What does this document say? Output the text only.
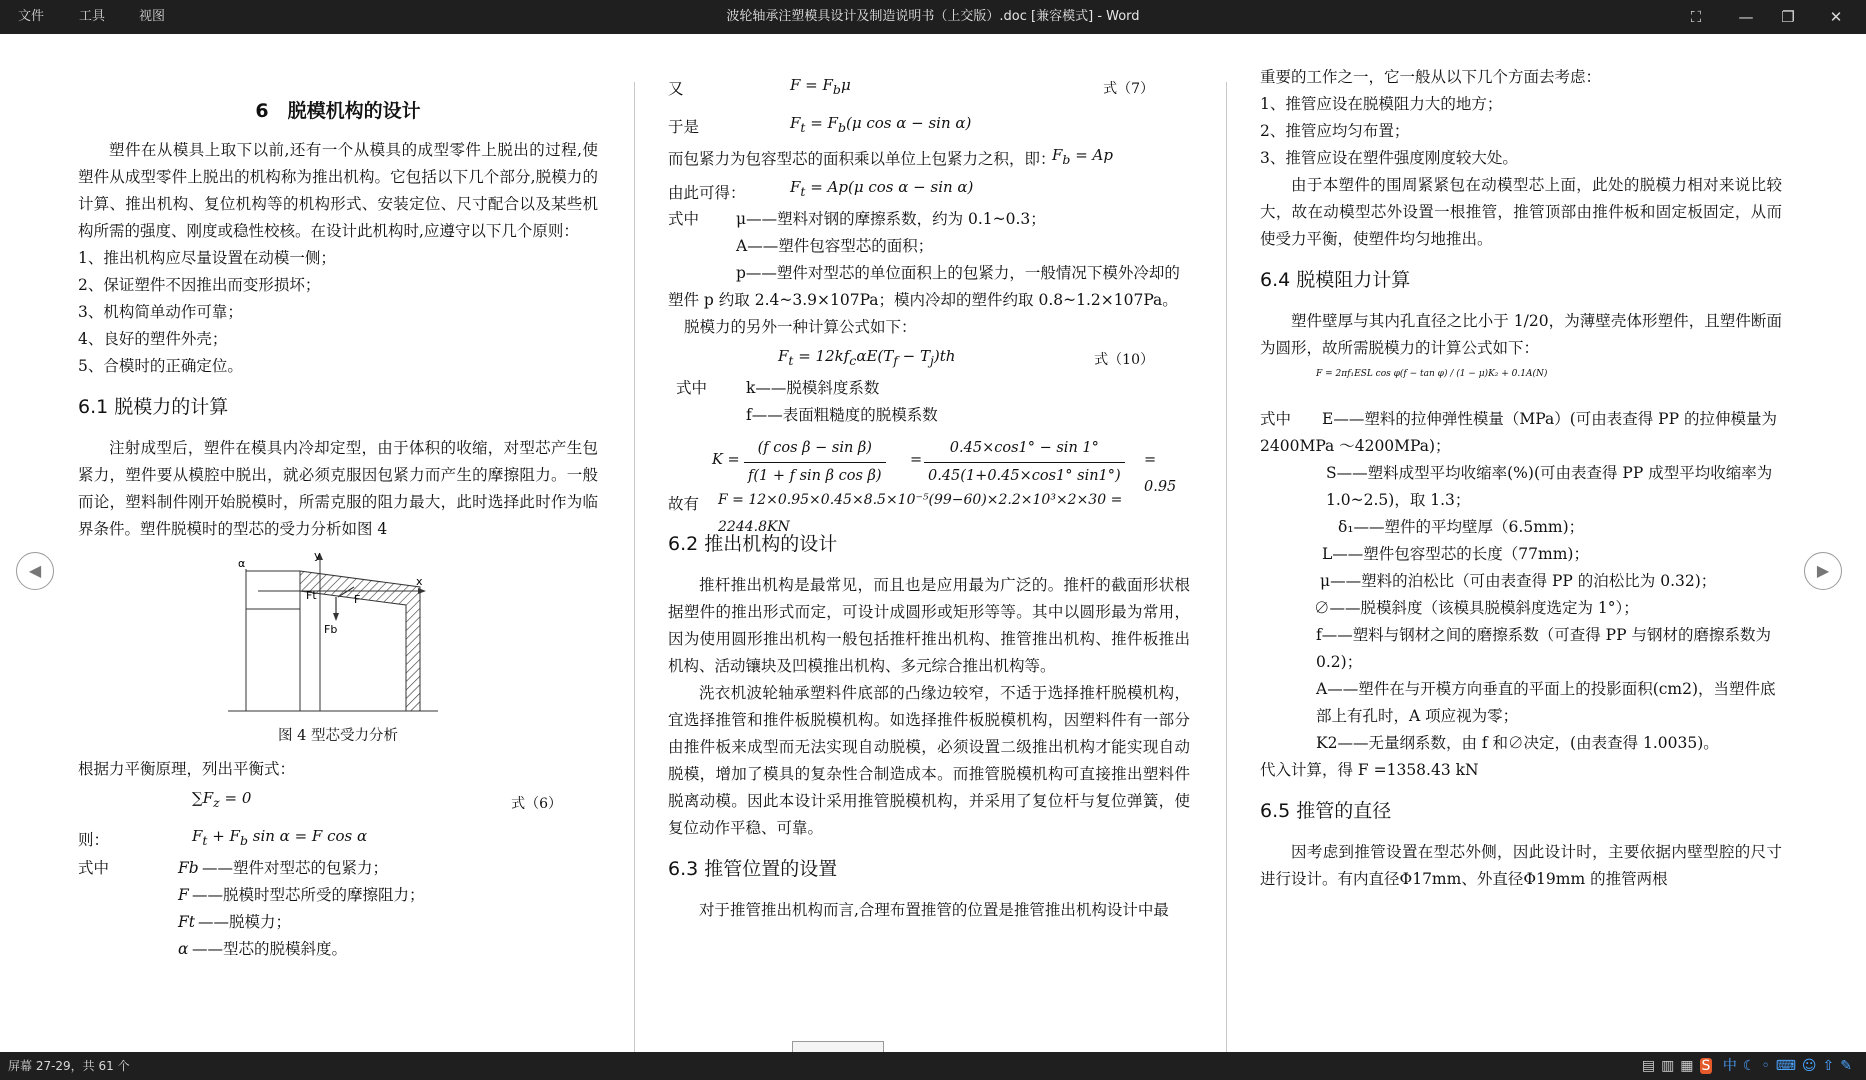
文件	工具	视图	波轮轴承注塑模具设计及制造说明书（上交版）.doc [兼容模式] - Word	⛶	—	❐	✕
6　脱模机构的设计

塑件在从模具上取下以前,还有一个从模具的成型零件上脱出的过程,使塑件从成型零件上脱出的机构称为推出机构。它包括以下几个部分,脱模力的计算、推出机构、复位机构等的机构形式、安装定位、尺寸配合以及某些机构所需的强度、刚度或稳性校核。在设计此机构时,应遵守以下几个原则：

1、推出机构应尽量设置在动模一侧；

2、保证塑件不因推出而变形损坏；

3、机构简单动作可靠；

4、良好的塑件外壳；

5、合模时的正确定位。

6.1 脱模力的计算

注射成型后，塑件在模具内冷却定型，由于体积的收缩，对型芯产生包紧力，塑件要从模腔中脱出，就必须克服因包紧力而产生的摩擦阻力。一般而论，塑料制件刚开始脱模时，所需克服的阻力最大，此时选择此时作为临界条件。塑件脱模时的型芯的受力分析如图 4

y
x
Ft	F
Fb
α
图 4 型芯受力分析

根据力平衡原理，列出平衡式：

$\sum F_z = 0$	式（6）
则：	$F_t + F_b$ sin α = F cos α
式中	Fb ——塑件对型芯的包紧力；
F ——脱模时型芯所受的摩擦阻力；
Ft ——脱模力；
α ——型芯的脱模斜度。
又	$F = F_b\mu$	式（7）
于是	$F_t = F_b(\mu$ cos α − sin α)
而包紧力为包容型芯的面积乘以单位上包紧力之积，即：
$F_b = Ap$
由此可得：	$F_t = Ap(\mu$ cos α − sin α)
式中 μ——塑料对钢的摩擦系数，约为 0.1~0.3；
A——塑件包容型芯的面积；
p——塑件对型芯的单位面积上的包紧力，一般情况下模外冷却的

塑件 p 约取 2.4~3.9×107Pa；模内冷却的塑件约取 0.8~1.2×107Pa。

脱模力的另外一种计算公式如下：

$F_t = 12kf_c\alpha E(T_f - T_j)th$	式（10）
式中	k——脱模斜度系数
f——表面粗糙度的脱模系数
$K = \frac{\text{(f cos β − sin β)}}{\text{f(1 + f sin β cos β)}} = \frac{0.45\times\cos 1^\circ - \sin 1^\circ}{0.45(1+0.45\times\cos 1^\circ \sin 1^\circ)} = 0.95$
故有 F = 12×0.95×0.45×8.5×10⁻⁵(99−60)×2.2×10³×2×30 = 2244.8KN
6.2 推出机构的设计

推杆推出机构是最常见，而且也是应用最为广泛的。推杆的截面形状根据塑件的推出形式而定，可设计成圆形或矩形等等。其中以圆形最为常用，因为使用圆形推出机构一般包括推杆推出机构、推管推出机构、推件板推出机构、活动镶块及凹模推出机构、多元综合推出机构等。

洗衣机波轮轴承塑料件底部的凸缘边较窄，不适于选择推杆脱模机构，宜选择推管和推件板脱模机构。如选择推件板脱模机构，因塑料件有一部分由推件板来成型而无法实现自动脱模，必须设置二级推出机构才能实现自动脱模，增加了模具的复杂性合制造成本。而推管脱模机构可直接推出塑料件脱离动模。因此本设计采用推管脱模机构，并采用了复位杆与复位弹簧，使复位动作平稳、可靠。

6.3 推管位置的设置

对于推管推出机构而言,合理布置推管的位置是推管推出机构设计中最

重要的工作之一，它一般从以下几个方面去考虑：

1、推管应设在脱模阻力大的地方；

2、推管应均匀布置；

3、推管应设在塑件强度刚度较大处。

由于本塑件的围周紧紧包在动模型芯上面，此处的脱模力相对来说比较大，故在动模型芯外设置一根推管，推管顶部由推件板和固定板固定，从而使受力平衡，使塑件均匀地推出。

6.4 脱模阻力计算

塑件壁厚与其内孔直径之比小于 1/20，为薄壁壳体形塑件，且塑件断面为圆形，故所需脱模力的计算公式如下：

F = 2πf₁ESL cos φ(f − tan φ) / (1 − μ)K₂ + 0.1A(N)

式中　　 E——塑料的拉伸弹性模量（MPa）(可由表查得 PP 的拉伸模量为 2400MPa ～4200MPa)；

S——塑料成型平均收缩率(%)(可由表查得 PP 成型平均收缩率为 1.0~2.5)，取 1.3；

δ₁——塑件的平均壁厚（6.5mm)；

L——塑件包容型芯的长度（77mm)；

μ——塑料的泊松比（可由表查得 PP 的泊松比为 0.32)；

∅——脱模斜度（该模具脱模斜度选定为 1°）；

f——塑料与钢材之间的磨擦系数（可查得 PP 与钢材的磨擦系数为 0.2)；

A——塑件在与开模方向垂直的平面上的投影面积(cm2)，当塑件底部上有孔时，A 项应视为零；

K2——无量纲系数，由 f 和∅决定，(由表查得 1.0035)。

代入计算，得 F =1358.43 kN

6.5 推管的直径

因考虑到推管设置在型芯外侧，因此设计时，主要依据内壁型腔的尺寸进行设计。有内直径Φ17mm、外直径Φ19mm 的推管两根

◀	▶
屏幕 27-29，共 61 个	▤▥▦ S 中☾◦⌨☺⇧✎
